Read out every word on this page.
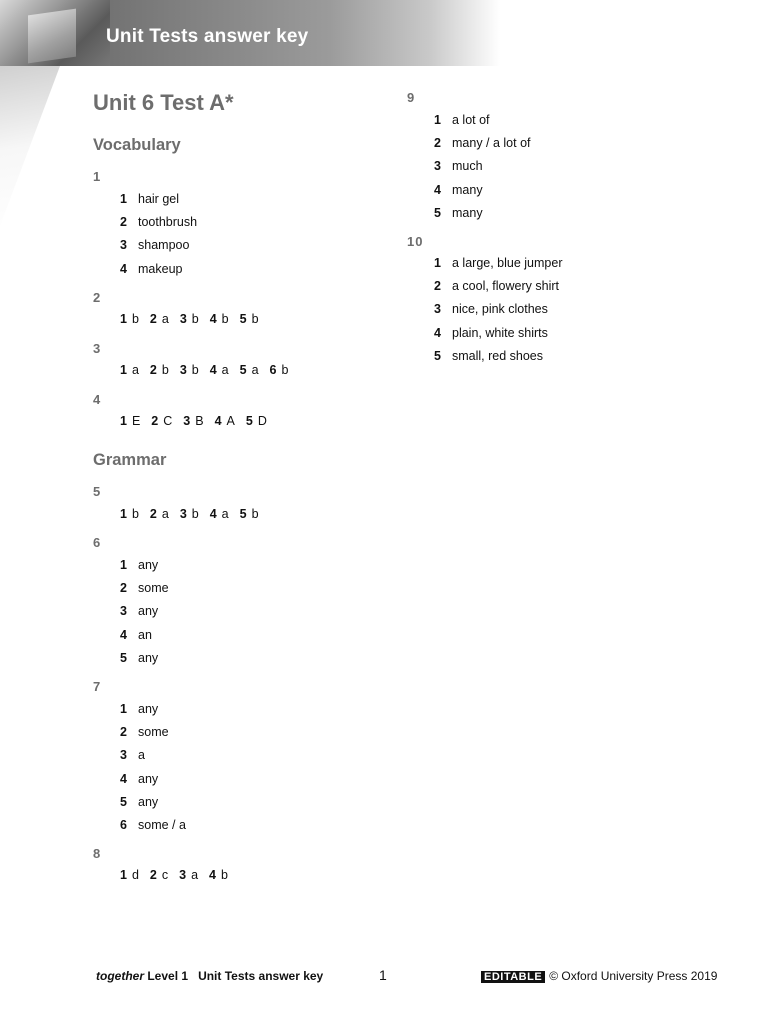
Unit Tests answer key
Unit 6 Test A*
Vocabulary
1
1 hair gel
2 toothbrush
3 shampoo
4 makeup
2
1 b 2 a 3 b 4 b 5 b
3
1 a 2 b 3 b 4 a 5 a 6 b
4
1 E 2 C 3 B 4 A 5 D
Grammar
5
1 b 2 a 3 b 4 a 5 b
6
1 any
2 some
3 any
4 an
5 any
7
1 any
2 some
3 a
4 any
5 any
6 some / a
8
1 d 2 c 3 a 4 b
9
1 a lot of
2 many / a lot of
3 much
4 many
5 many
10
1 a large, blue jumper
2 a cool, flowery shirt
3 nice, pink clothes
4 plain, white shirts
5 small, red shoes
together Level 1 Unit Tests answer key	1	EDITABLE © Oxford University Press 2019
